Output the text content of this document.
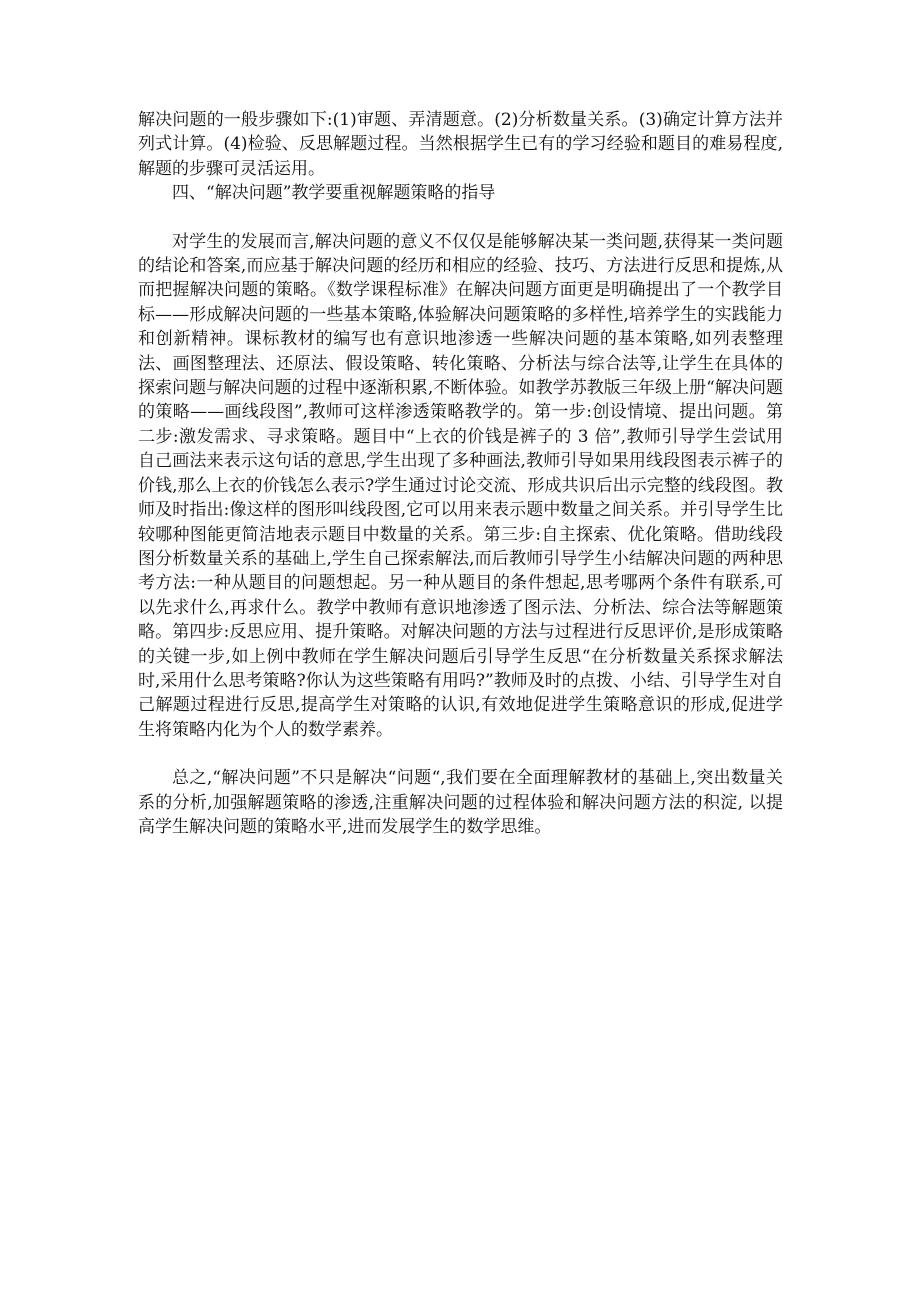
解决问题的一般步骤如下:(1)审题、弄清题意。(2)分析数量关系。(3)确定计算方法并列式计算。(4)检验、反思解题过程。当然根据学生已有的学习经验和题目的难易程度,解题的步骤可灵活运用。

四、“解决问题”教学要重视解题策略的指导

对学生的发展而言,解决问题的意义不仅仅是能够解决某一类问题,获得某一类问题的结论和答案,而应基于解决问题的经历和相应的经验、技巧、方法进行反思和提炼,从而把握解决问题的策略。《数学课程标准》在解决问题方面更是明确提出了一个教学目标——形成解决问题的一些基本策略,体验解决问题策略的多样性,培养学生的实践能力和创新精神。课标教材的编写也有意识地渗透一些解决问题的基本策略,如列表整理法、画图整理法、还原法、假设策略、转化策略、分析法与综合法等,让学生在具体的探索问题与解决问题的过程中逐渐积累,不断体验。如教学苏教版三年级上册“解决问题的策略——画线段图”,教师可这样渗透策略教学的。第一步:创设情境、提出问题。第二步:激发需求、寻求策略。题目中“上衣的价钱是裤子的 3 倍”,教师引导学生尝试用自己画法来表示这句话的意思,学生出现了多种画法,教师引导如果用线段图表示裤子的价钱,那么上衣的价钱怎么表示?学生通过讨论交流、形成共识后出示完整的线段图。教师及时指出:像这样的图形叫线段图,它可以用来表示题中数量之间关系。并引导学生比较哪种图能更简洁地表示题目中数量的关系。第三步:自主探索、优化策略。借助线段图分析数量关系的基础上,学生自己探索解法,而后教师引导学生小结解决问题的两种思考方法:一种从题目的问题想起。另一种从题目的条件想起,思考哪两个条件有联系,可以先求什么,再求什么。教学中教师有意识地渗透了图示法、分析法、综合法等解题策略。第四步:反思应用、提升策略。对解决问题的方法与过程进行反思评价,是形成策略的关键一步,如上例中教师在学生解决问题后引导学生反思“在分析数量关系探求解法时,采用什么思考策略?你认为这些策略有用吗?”教师及时的点拨、小结、引导学生对自己解题过程进行反思,提高学生对策略的认识,有效地促进学生策略意识的形成,促进学生将策略内化为个人的数学素养。

总之,“解决问题”不只是解决“问题“,我们要在全面理解教材的基础上,突出数量关系的分析,加强解题策略的渗透,注重解决问题的过程体验和解决问题方法的积淀, 以提高学生解决问题的策略水平,进而发展学生的数学思维。
